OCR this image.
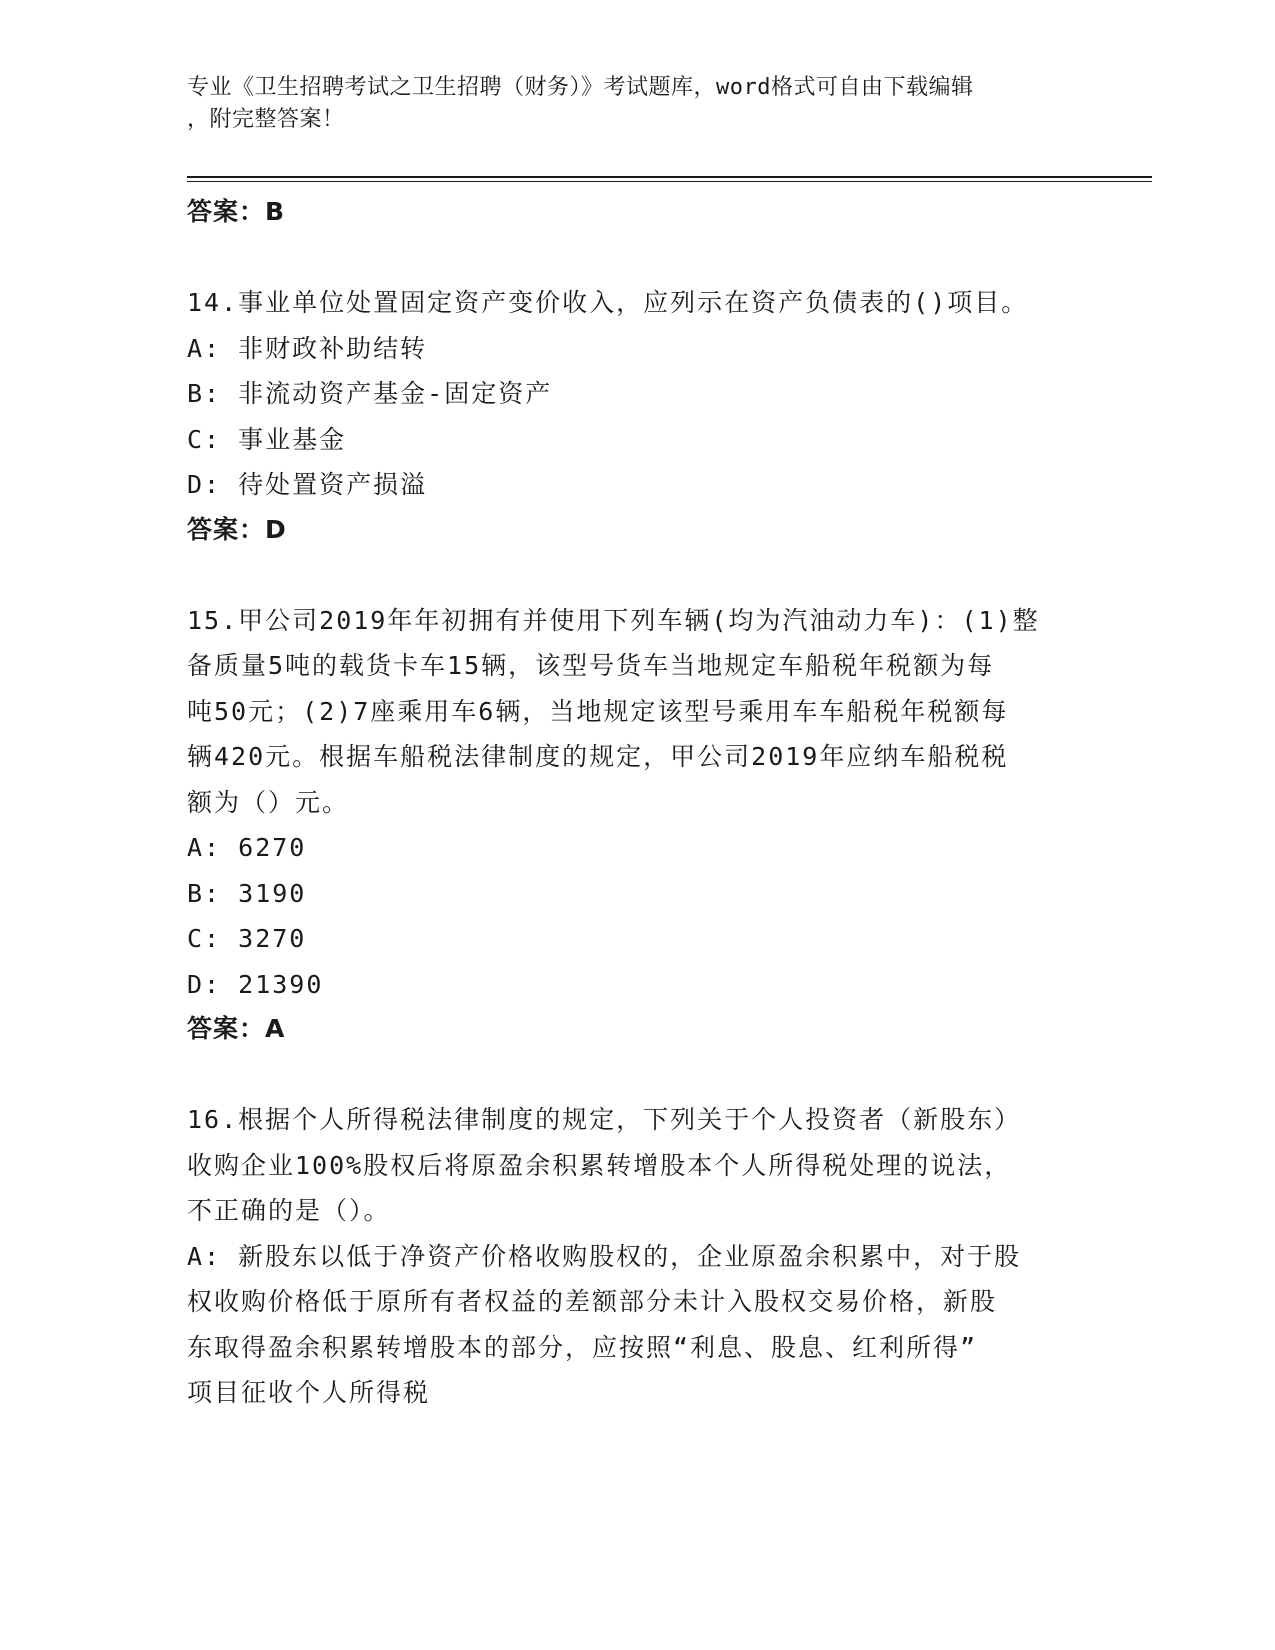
专业《卫生招聘考试之卫生招聘（财务）》考试题库，word格式可自由下载编辑
，附完整答案！
答案：B
14.事业单位处置固定资产变价收入，应列示在资产负债表的()项目。
A: 非财政补助结转
B: 非流动资产基金-固定资产
C: 事业基金
D: 待处置资产损溢
答案：D
15.甲公司2019年年初拥有并使用下列车辆(均为汽油动力车)：(1)整
备质量5吨的载货卡车15辆，该型号货车当地规定车船税年税额为每
吨50元；(2)7座乘用车6辆，当地规定该型号乘用车车船税年税额每
辆420元。根据车船税法律制度的规定，甲公司2019年应纳车船税税
额为（）元。
A: 6270
B: 3190
C: 3270
D: 21390
答案：A
16.根据个人所得税法律制度的规定，下列关于个人投资者（新股东）
收购企业100%股权后将原盈余积累转增股本个人所得税处理的说法，
不正确的是（）。
A: 新股东以低于净资产价格收购股权的，企业原盈余积累中，对于股
权收购价格低于原所有者权益的差额部分未计入股权交易价格，新股
东取得盈余积累转增股本的部分，应按照“利息、股息、红利所得”
项目征收个人所得税
